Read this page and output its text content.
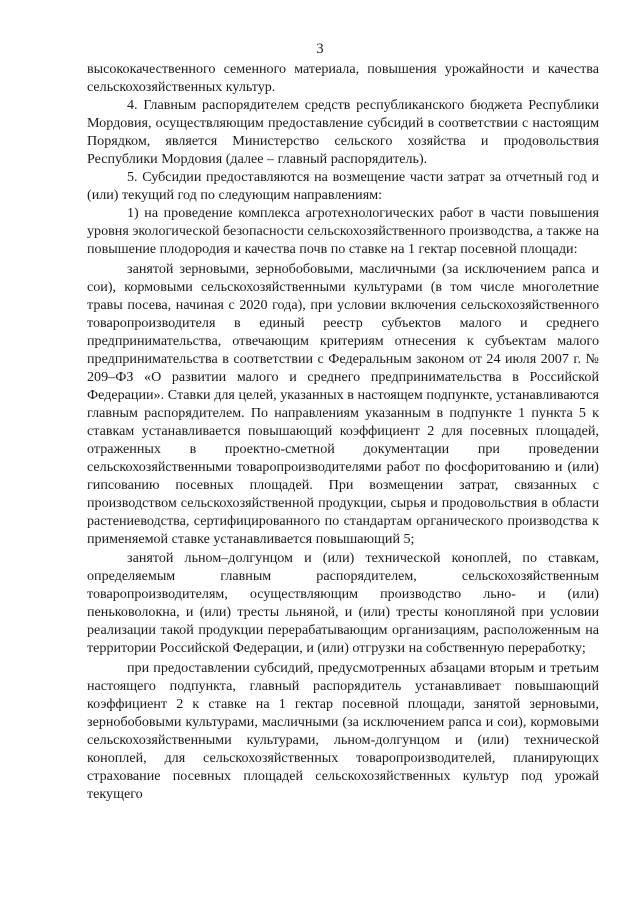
3

высококачественного семенного материала, повышения урожайности и качества сельскохозяйственных культур.

4. Главным распорядителем средств республиканского бюджета Республики Мордовия, осуществляющим предоставление субсидий в соответствии с настоящим Порядком, является Министерство сельского хозяйства и продовольствия Республики Мордовия (далее – главный распорядитель).

5. Субсидии предоставляются на возмещение части затрат за отчетный год и (или) текущий год по следующим направлениям:

1) на проведение комплекса агротехнологических работ в части повышения уровня экологической безопасности сельскохозяйственного производства, а также на повышение плодородия и качества почв по ставке на 1 гектар посевной площади:

занятой зерновыми, зернобобовыми, масличными (за исключением рапса и сои), кормовыми сельскохозяйственными культурами (в том числе многолетние травы посева, начиная с 2020 года), при условии включения сельскохозяйственного товаропроизводителя в единый реестр субъектов малого и среднего предпринимательства, отвечающим критериям отнесения к субъектам малого предпринимательства в соответствии с Федеральным законом от 24 июля 2007 г. № 209–ФЗ «О развитии малого и среднего предпринимательства в Российской Федерации». Ставки для целей, указанных в настоящем подпункте, устанавливаются главным распорядителем. По направлениям указанным в подпункте 1 пункта 5 к ставкам устанавливается повышающий коэффициент 2 для посевных площадей, отраженных в проектно-сметной документации при проведении сельскохозяйственными товаропроизводителями работ по фосфоритованию и (или) гипсованию посевных площадей. При возмещении затрат, связанных с производством сельскохозяйственной продукции, сырья и продовольствия в области растениеводства, сертифицированного по стандартам органического производства к применяемой ставке устанавливается повышающий 5;

занятой льном–долгунцом и (или) технической коноплей, по ставкам, определяемым главным распорядителем, сельскохозяйственным товаропроизводителям, осуществляющим производство льно- и (или) пеньковолокна, и (или) тресты льняной, и (или) тресты конопляной при условии реализации такой продукции перерабатывающим организациям, расположенным на территории Российской Федерации, и (или) отгрузки на собственную переработку;

при предоставлении субсидий, предусмотренных абзацами вторым и третьим настоящего подпункта, главный распорядитель устанавливает повышающий коэффициент 2 к ставке на 1 гектар посевной площади, занятой зерновыми, зернобобовыми культурами, масличными (за исключением рапса и сои), кормовыми сельскохозяйственными культурами, льном-долгунцом и (или) технической коноплей, для сельскохозяйственных товаропроизводителей, планирующих страхование посевных площадей сельскохозяйственных культур под урожай текущего
